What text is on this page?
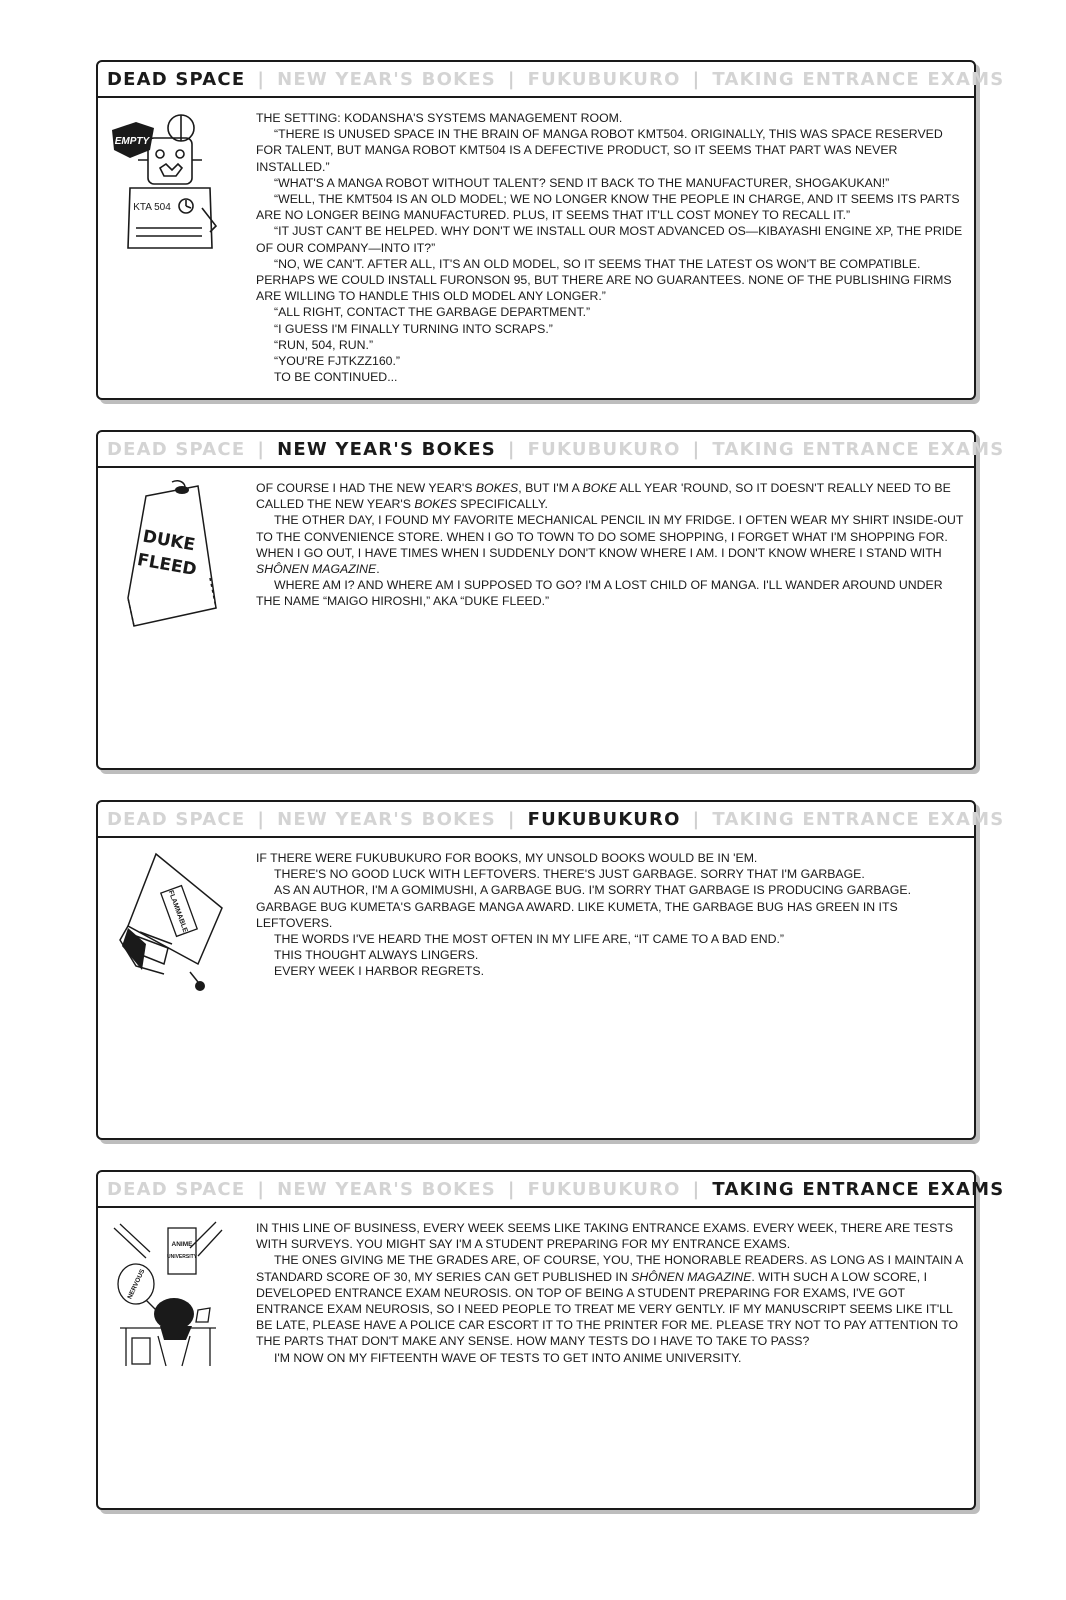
DEAD SPACE | NEW YEAR'S BOKES | FUKUBUKURO | TAKING ENTRANCE EXAMS
EMPTY
KTA 504

THE SETTING: KODANSHA'S SYSTEMS MANAGEMENT ROOM.

“THERE IS UNUSED SPACE IN THE BRAIN OF MANGA ROBOT KMT504. ORIGINALLY, THIS WAS SPACE RESERVED FOR TALENT, BUT MANGA ROBOT KMT504 IS A DEFECTIVE PRODUCT, SO IT SEEMS THAT PART WAS NEVER INSTALLED.”

“WHAT'S A MANGA ROBOT WITHOUT TALENT? SEND IT BACK TO THE MANUFACTURER, SHOGAKUKAN!”

“WELL, THE KMT504 IS AN OLD MODEL; WE NO LONGER KNOW THE PEOPLE IN CHARGE, AND IT SEEMS ITS PARTS ARE NO LONGER BEING MANUFACTURED. PLUS, IT SEEMS THAT IT'LL COST MONEY TO RECALL IT.”

“IT JUST CAN'T BE HELPED. WHY DON'T WE INSTALL OUR MOST ADVANCED OS—KIBAYASHI ENGINE XP, THE PRIDE OF OUR COMPANY—INTO IT?”

“NO, WE CAN'T. AFTER ALL, IT'S AN OLD MODEL, SO IT SEEMS THAT THE LATEST OS WON'T BE COMPATIBLE. PERHAPS WE COULD INSTALL FURONSON 95, BUT THERE ARE NO GUARANTEES. NONE OF THE PUBLISHING FIRMS ARE WILLING TO HANDLE THIS OLD MODEL ANY LONGER.”

“ALL RIGHT, CONTACT THE GARBAGE DEPARTMENT.”

“I GUESS I'M FINALLY TURNING INTO SCRAPS.”

“RUN, 504, RUN.”

“YOU'RE FJTKZZ160.”

TO BE CONTINUED...

DEAD SPACE | NEW YEAR'S BOKES | FUKUBUKURO | TAKING ENTRANCE EXAMS
DUKE
FLEED

OF COURSE I HAD THE NEW YEAR'S BOKES, BUT I'M A BOKE ALL YEAR 'ROUND, SO IT DOESN'T REALLY NEED TO BE CALLED THE NEW YEAR'S BOKES SPECIFICALLY.

THE OTHER DAY, I FOUND MY FAVORITE MECHANICAL PENCIL IN MY FRIDGE. I OFTEN WEAR MY SHIRT INSIDE-OUT TO THE CONVENIENCE STORE. WHEN I GO TO TOWN TO DO SOME SHOPPING, I FORGET WHAT I'M SHOPPING FOR. WHEN I GO OUT, I HAVE TIMES WHEN I SUDDENLY DON'T KNOW WHERE I AM. I DON'T KNOW WHERE I STAND WITH SHÔNEN MAGAZINE.

WHERE AM I? AND WHERE AM I SUPPOSED TO GO? I'M A LOST CHILD OF MANGA. I'LL WANDER AROUND UNDER THE NAME “MAIGO HIROSHI,” AKA “DUKE FLEED.”

DEAD SPACE | NEW YEAR'S BOKES | FUKUBUKURO | TAKING ENTRANCE EXAMS
FLAMMABLE

IF THERE WERE FUKUBUKURO FOR BOOKS, MY UNSOLD BOOKS WOULD BE IN 'EM.

THERE'S NO GOOD LUCK WITH LEFTOVERS. THERE'S JUST GARBAGE. SORRY THAT I'M GARBAGE.

AS AN AUTHOR, I'M A GOMIMUSHI, A GARBAGE BUG. I'M SORRY THAT GARBAGE IS PRODUCING GARBAGE. GARBAGE BUG KUMETA'S GARBAGE MANGA AWARD. LIKE KUMETA, THE GARBAGE BUG HAS GREEN IN ITS LEFTOVERS.

THE WORDS I'VE HEARD THE MOST OFTEN IN MY LIFE ARE, “IT CAME TO A BAD END.”

THIS THOUGHT ALWAYS LINGERS.

EVERY WEEK I HARBOR REGRETS.

DEAD SPACE | NEW YEAR'S BOKES | FUKUBUKURO | TAKING ENTRANCE EXAMS
ANIME
UNIVERSITY
NERVOUS

IN THIS LINE OF BUSINESS, EVERY WEEK SEEMS LIKE TAKING ENTRANCE EXAMS. EVERY WEEK, THERE ARE TESTS WITH SURVEYS. YOU MIGHT SAY I'M A STUDENT PREPARING FOR MY ENTRANCE EXAMS.

THE ONES GIVING ME THE GRADES ARE, OF COURSE, YOU, THE HONORABLE READERS. AS LONG AS I MAINTAIN A STANDARD SCORE OF 30, MY SERIES CAN GET PUBLISHED IN SHÔNEN MAGAZINE. WITH SUCH A LOW SCORE, I DEVELOPED ENTRANCE EXAM NEUROSIS. ON TOP OF BEING A STUDENT PREPARING FOR EXAMS, I'VE GOT ENTRANCE EXAM NEUROSIS, SO I NEED PEOPLE TO TREAT ME VERY GENTLY. IF MY MANUSCRIPT SEEMS LIKE IT'LL BE LATE, PLEASE HAVE A POLICE CAR ESCORT IT TO THE PRINTER FOR ME. PLEASE TRY NOT TO PAY ATTENTION TO THE PARTS THAT DON'T MAKE ANY SENSE. HOW MANY TESTS DO I HAVE TO TAKE TO PASS?

I'M NOW ON MY FIFTEENTH WAVE OF TESTS TO GET INTO ANIME UNIVERSITY.
